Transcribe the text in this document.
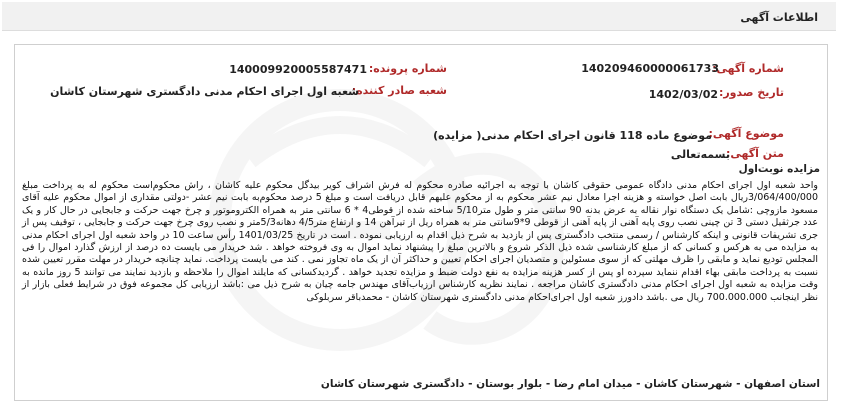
اطلاعات آگهی
شماره آگهی:
140209460000061733
شماره پرونده:
140009920005587471
تاریخ صدور:
1402/03/02
شعبه صادر کننده:
شعبه اول اجرای احکام مدنی دادگستری شهرستان کاشان
موضوع آگهی:
موضوع ماده 118 قانون اجرای احکام مدنی( مزایده)
متن آگهی:
بسمه‌تعالی
مزایده نوبت‌اول
واحد شعبه اول اجرای احکام مدنی دادگاه عمومی حقوقی کاشان با توجه به اجرائیه صادره محکوم له فرش اشراف کویر بیدگل محکوم علیه کاشان ، راش محکوم‌است محکوم‌ له به پرداخت مبلغ 3/064/400/000ریال بابت اصل خواسته و هزینه اجرا معادل نیم عشر محکوم به از محکوم علیهم قابل دریافت است و مبلغ 5 درصد محکوم‌به بابت نیم عشر -دولتی مقداری از اموال محکوم علیه آقای مسعود مازوچی :شامل یک دستگاه نوار نقاله به عرض بدنه 90 سانتی متر و طول متر5/10 ساخته شده از قوطی4 * 6 سانتی متر به همراه الکتروموتور و چرخ جهت حرکت و جابجایی در حال کار و یک عدد جرثقیل دستی 3 تن چینی نصب روی پایه آهنی از پایه آهنی از قوطی 9*9سانتی متر به همراه ریل از تیرآهن 14 و ارتفاع متر4/5 دهانه5/3متر و نصب روی چرخ جهت حرکت و جابجایی ، توقیف پس از جری تشریفات قانونی و اینکه کارشناس / رسمی منتخب دادگستری پس از بازدید به شرح ذیل اقدام به ارزیابی نموده . است در تاریخ 1401/03/25 رأس ساعت 10 در واحد شعبه اول اجرای احکام مدنی به مزایده می به هرکس و کسانی که از مبلغ کارشناسی شده ذیل الذکر شروع و بالاترین مبلغ را پیشنهاد نماید اموال به وی فروخته خواهد . شد خریدار می بایست ده درصد از ارزش گذارد اموال را فی المجلس تودیع نماید و مابقی را ظرف مهلتی که از سوی مسئولین و متصدیان اجرای احکام تعیین و حداکثر آن از یک ماه تجاوز نمی . کند می بایست پرداخت. نماید چنانچه خریدار در مهلت مقرر تعیین شده نسبت به پرداخت مابقی بهاء اقدام ننماید سپرده او پس از کسر هزینه مزایده به نفع دولت ضبط و مزایده تجدید خواهد . گردید‌کسانی که مایلند اموال را ملاحظه و بازدید نمایند می توانند 5 روز مانده به وقت مزایده به شعبه اول اجرای احکام مدنی دادگستری کاشان مراجعه . نمایند نظریه کارشناس ارزیاب‌آقای مهندس جامه چیان به شرح ذیل می :باشد ارزیابی کل مجموعه فوق در شرایط فعلی بازار از نظر اینجانب 700.000.000 ریال می .باشد دادورز شعبه اول اجرای‌احکام مدنی دادگستری شهرستان کاشان - محمدباقر سربلوکی
استان اصفهان - شهرستان کاشان - میدان امام رضا - بلوار بوستان - دادگستری شهرستان کاشان
